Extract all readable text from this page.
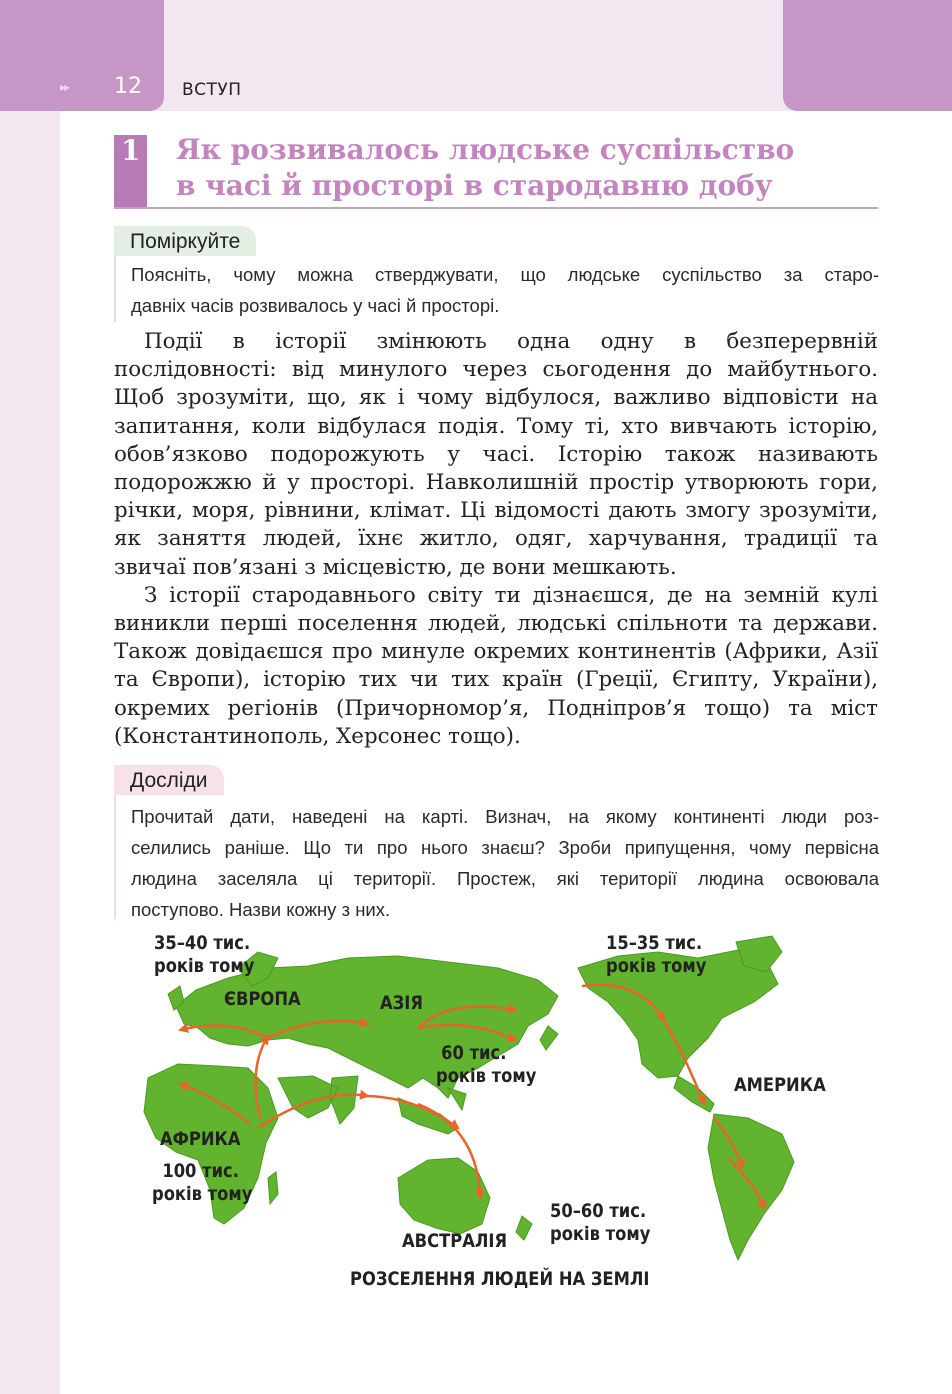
▸▸ 12 ВСТУП
1 Як розвивалось людське суспільство
в часі й просторі в стародавню добу
Поміркуйте
Поясніть, чому можна стверджувати, що людське суспільство за старо-
давніх часів розвивалось у часі й просторі.

Події в історії змінюють одна одну в безперервній послідовності: від минулого через сьогодення до майбутнього. Щоб зрозуміти, що, як і чому відбулося, важливо відповісти на запитання, коли відбулася подія. Тому ті, хто вивчають історію, обов’язково подорожують у часі. Історію також називають подорожжю й у просторі. Навколишній простір утворюють гори, річки, моря, рівнини, клімат. Ці відомості дають змогу зрозуміти, як заняття людей, їхнє житло, одяг, харчування, традиції та звичаї пов’язані з місцевістю, де вони мешкають.

З історії стародавнього світу ти дізнаєшся, де на земній кулі виникли перші поселення людей, людські спільноти та держави. Також довідаєшся про минуле окремих континентів (Африки, Азії та Європи), історію тих чи тих країн (Греції, Єгипту, України), окремих регіонів (Причорномор’я, Подніпров’я тощо) та міст (Константинополь, Херсонес тощо).

Досліди
Прочитай дати, наведені на карті. Визнач, на якому континенті люди роз-
селились раніше. Що ти про нього знаєш? Зроби припущення, чому первісна
людина заселяла ці території. Простеж, які території людина освоювала
поступово. Назви кожну з них.
35–40 тис.
років тому
ЄВРОПА	АЗІЯ
60 тис.
років тому
15–35 тис.
років тому
АМЕРИКА
АФРИКА
100 тис.
років тому
АВСТРАЛІЯ
50–60 тис.
років тому
РОЗСЕЛЕННЯ ЛЮДЕЙ НА ЗЕМЛІ
